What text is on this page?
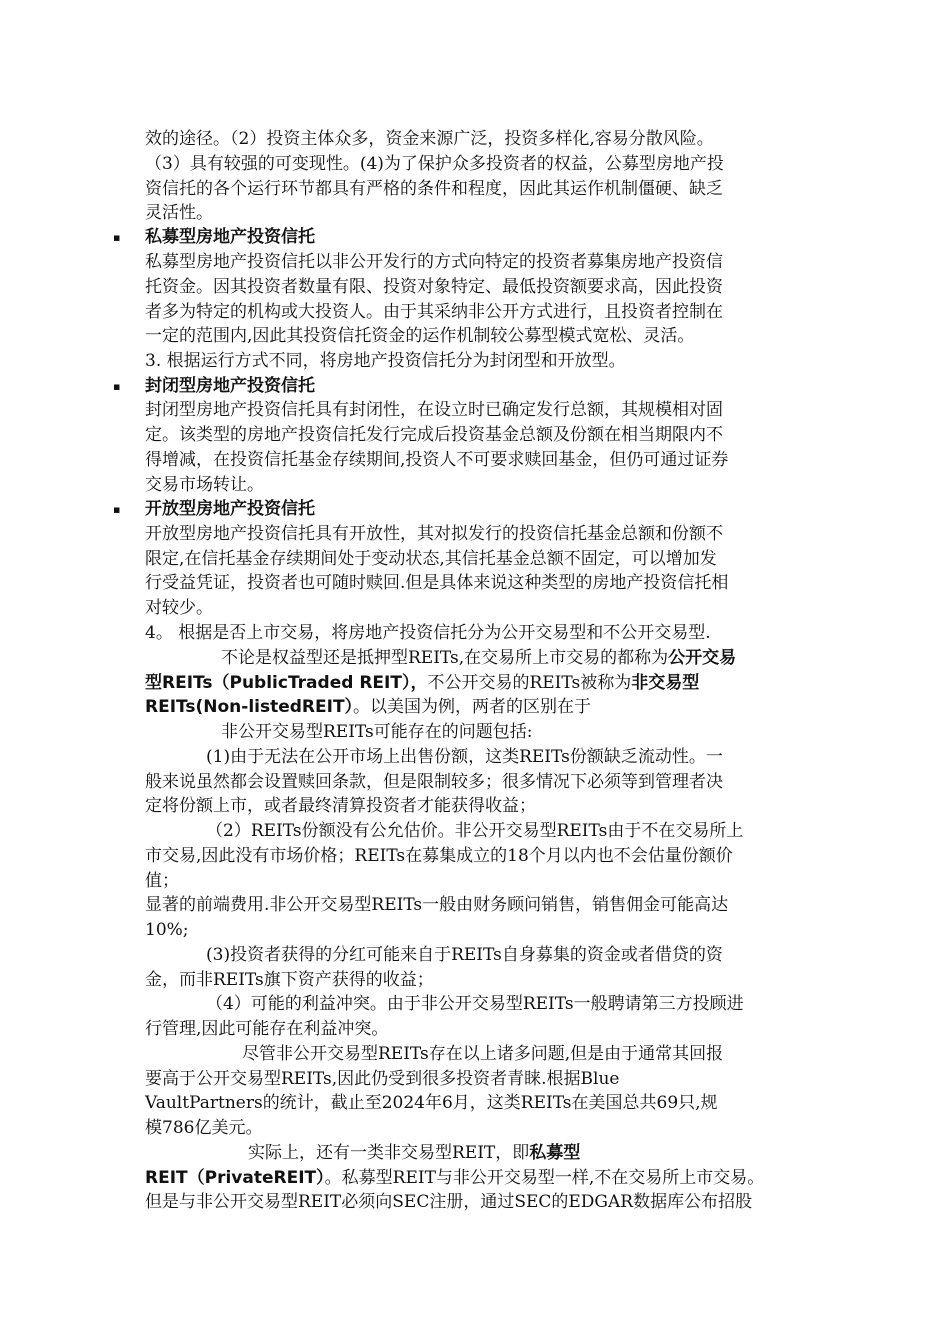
效的途径。（2）投资主体众多，资金来源广泛，投资多样化,容易分散风险。
（3）具有较强的可变现性。(4)为了保护众多投资者的权益，公募型房地产投
资信托的各个运行环节都具有严格的条件和程度，因此其运作机制僵硬、缺乏
灵活性。
▪ 私募型房地产投资信托
私募型房地产投资信托以非公开发行的方式向特定的投资者募集房地产投资信
托资金。因其投资者数量有限、投资对象特定、最低投资额要求高，因此投资
者多为特定的机构或大投资人。由于其采纳非公开方式进行，且投资者控制在
一定的范围内,因此其投资信托资金的运作机制较公募型模式宽松、灵活。
3. 根据运行方式不同，将房地产投资信托分为封闭型和开放型。
▪ 封闭型房地产投资信托
封闭型房地产投资信托具有封闭性，在设立时已确定发行总额，其规模相对固
定。该类型的房地产投资信托发行完成后投资基金总额及份额在相当期限内不
得增减，在投资信托基金存续期间,投资人不可要求赎回基金，但仍可通过证券
交易市场转让。
▪ 开放型房地产投资信托
开放型房地产投资信托具有开放性，其对拟发行的投资信托基金总额和份额不
限定,在信托基金存续期间处于变动状态,其信托基金总额不固定，可以增加发
行受益凭证，投资者也可随时赎回.但是具体来说这种类型的房地产投资信托相
对较少。
4。 根据是否上市交易，将房地产投资信托分为公开交易型和不公开交易型.
不论是权益型还是抵押型REITs,在交易所上市交易的都称为公开交易
型REITs（PublicTraded REIT），不公开交易的REITs被称为非交易型
REITs(Non-listedREIT）。以美国为例，两者的区别在于
非公开交易型REITs可能存在的问题包括:
(1)由于无法在公开市场上出售份额，这类REITs份额缺乏流动性。一
般来说虽然都会设置赎回条款，但是限制较多；很多情况下必须等到管理者决
定将份额上市，或者最终清算投资者才能获得收益；
（2）REITs份额没有公允估价。非公开交易型REITs由于不在交易所上
市交易,因此没有市场价格；REITs在募集成立的18个月以内也不会估量份额价
值；
显著的前端费用.非公开交易型REITs一般由财务顾问销售，销售佣金可能高达
10%;
(3)投资者获得的分红可能来自于REITs自身募集的资金或者借贷的资
金，而非REITs旗下资产获得的收益；
（4）可能的利益冲突。由于非公开交易型REITs一般聘请第三方投顾进
行管理,因此可能存在利益冲突。
尽管非公开交易型REITs存在以上诸多问题,但是由于通常其回报
要高于公开交易型REITs,因此仍受到很多投资者青睐.根据Blue
VaultPartners的统计，截止至2024年6月，这类REITs在美国总共69只,规
模786亿美元。
实际上，还有一类非交易型REIT，即私募型
REIT（PrivateREIT）。私募型REIT与非公开交易型一样,不在交易所上市交易。
但是与非公开交易型REIT必须向SEC注册，通过SEC的EDGAR数据库公布招股
